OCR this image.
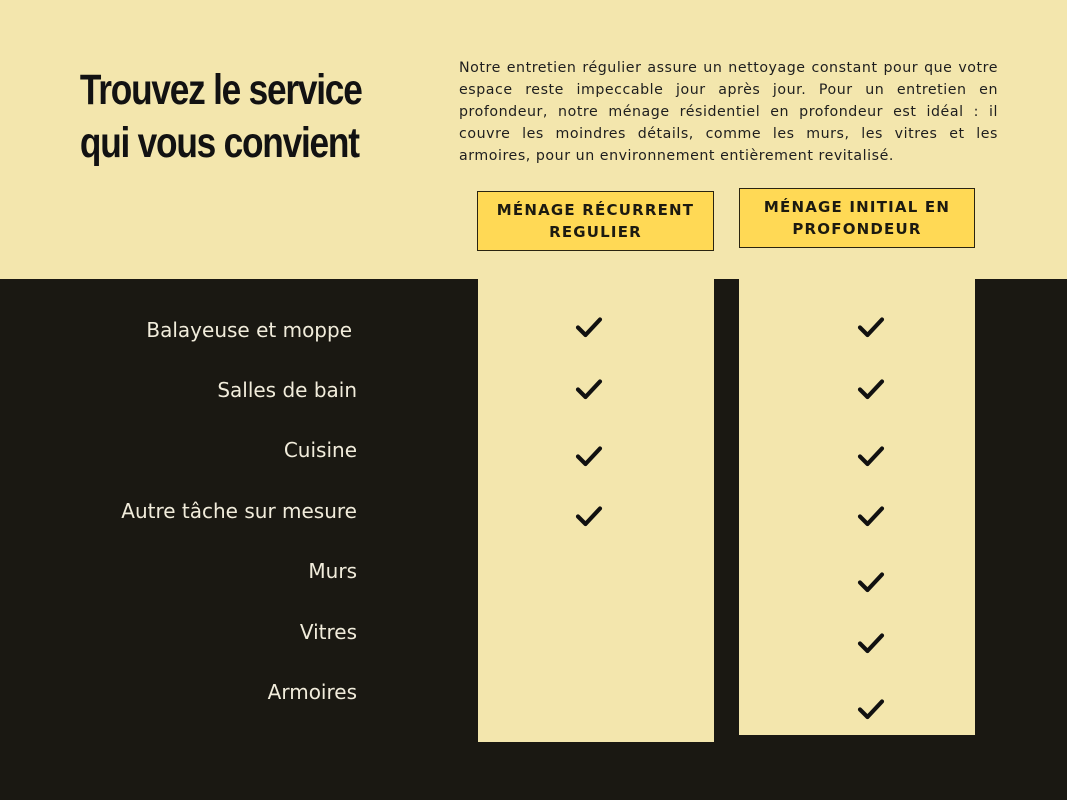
Trouvez le service
qui vous convient

Notre entretien régulier assure un nettoyage constant pour que votre espace reste impeccable jour après jour. Pour un entretien en profondeur, notre ménage résidentiel en profondeur est idéal : il couvre les moindres détails, comme les murs, les vitres et les armoires, pour un environnement entièrement revitalisé.

MÉNAGE RÉCURRENT REGULIER
MÉNAGE INITIAL EN PROFONDEUR
Balayeuse et moppe
Salles de bain
Cuisine
Autre tâche sur mesure
Murs
Vitres
Armoires
